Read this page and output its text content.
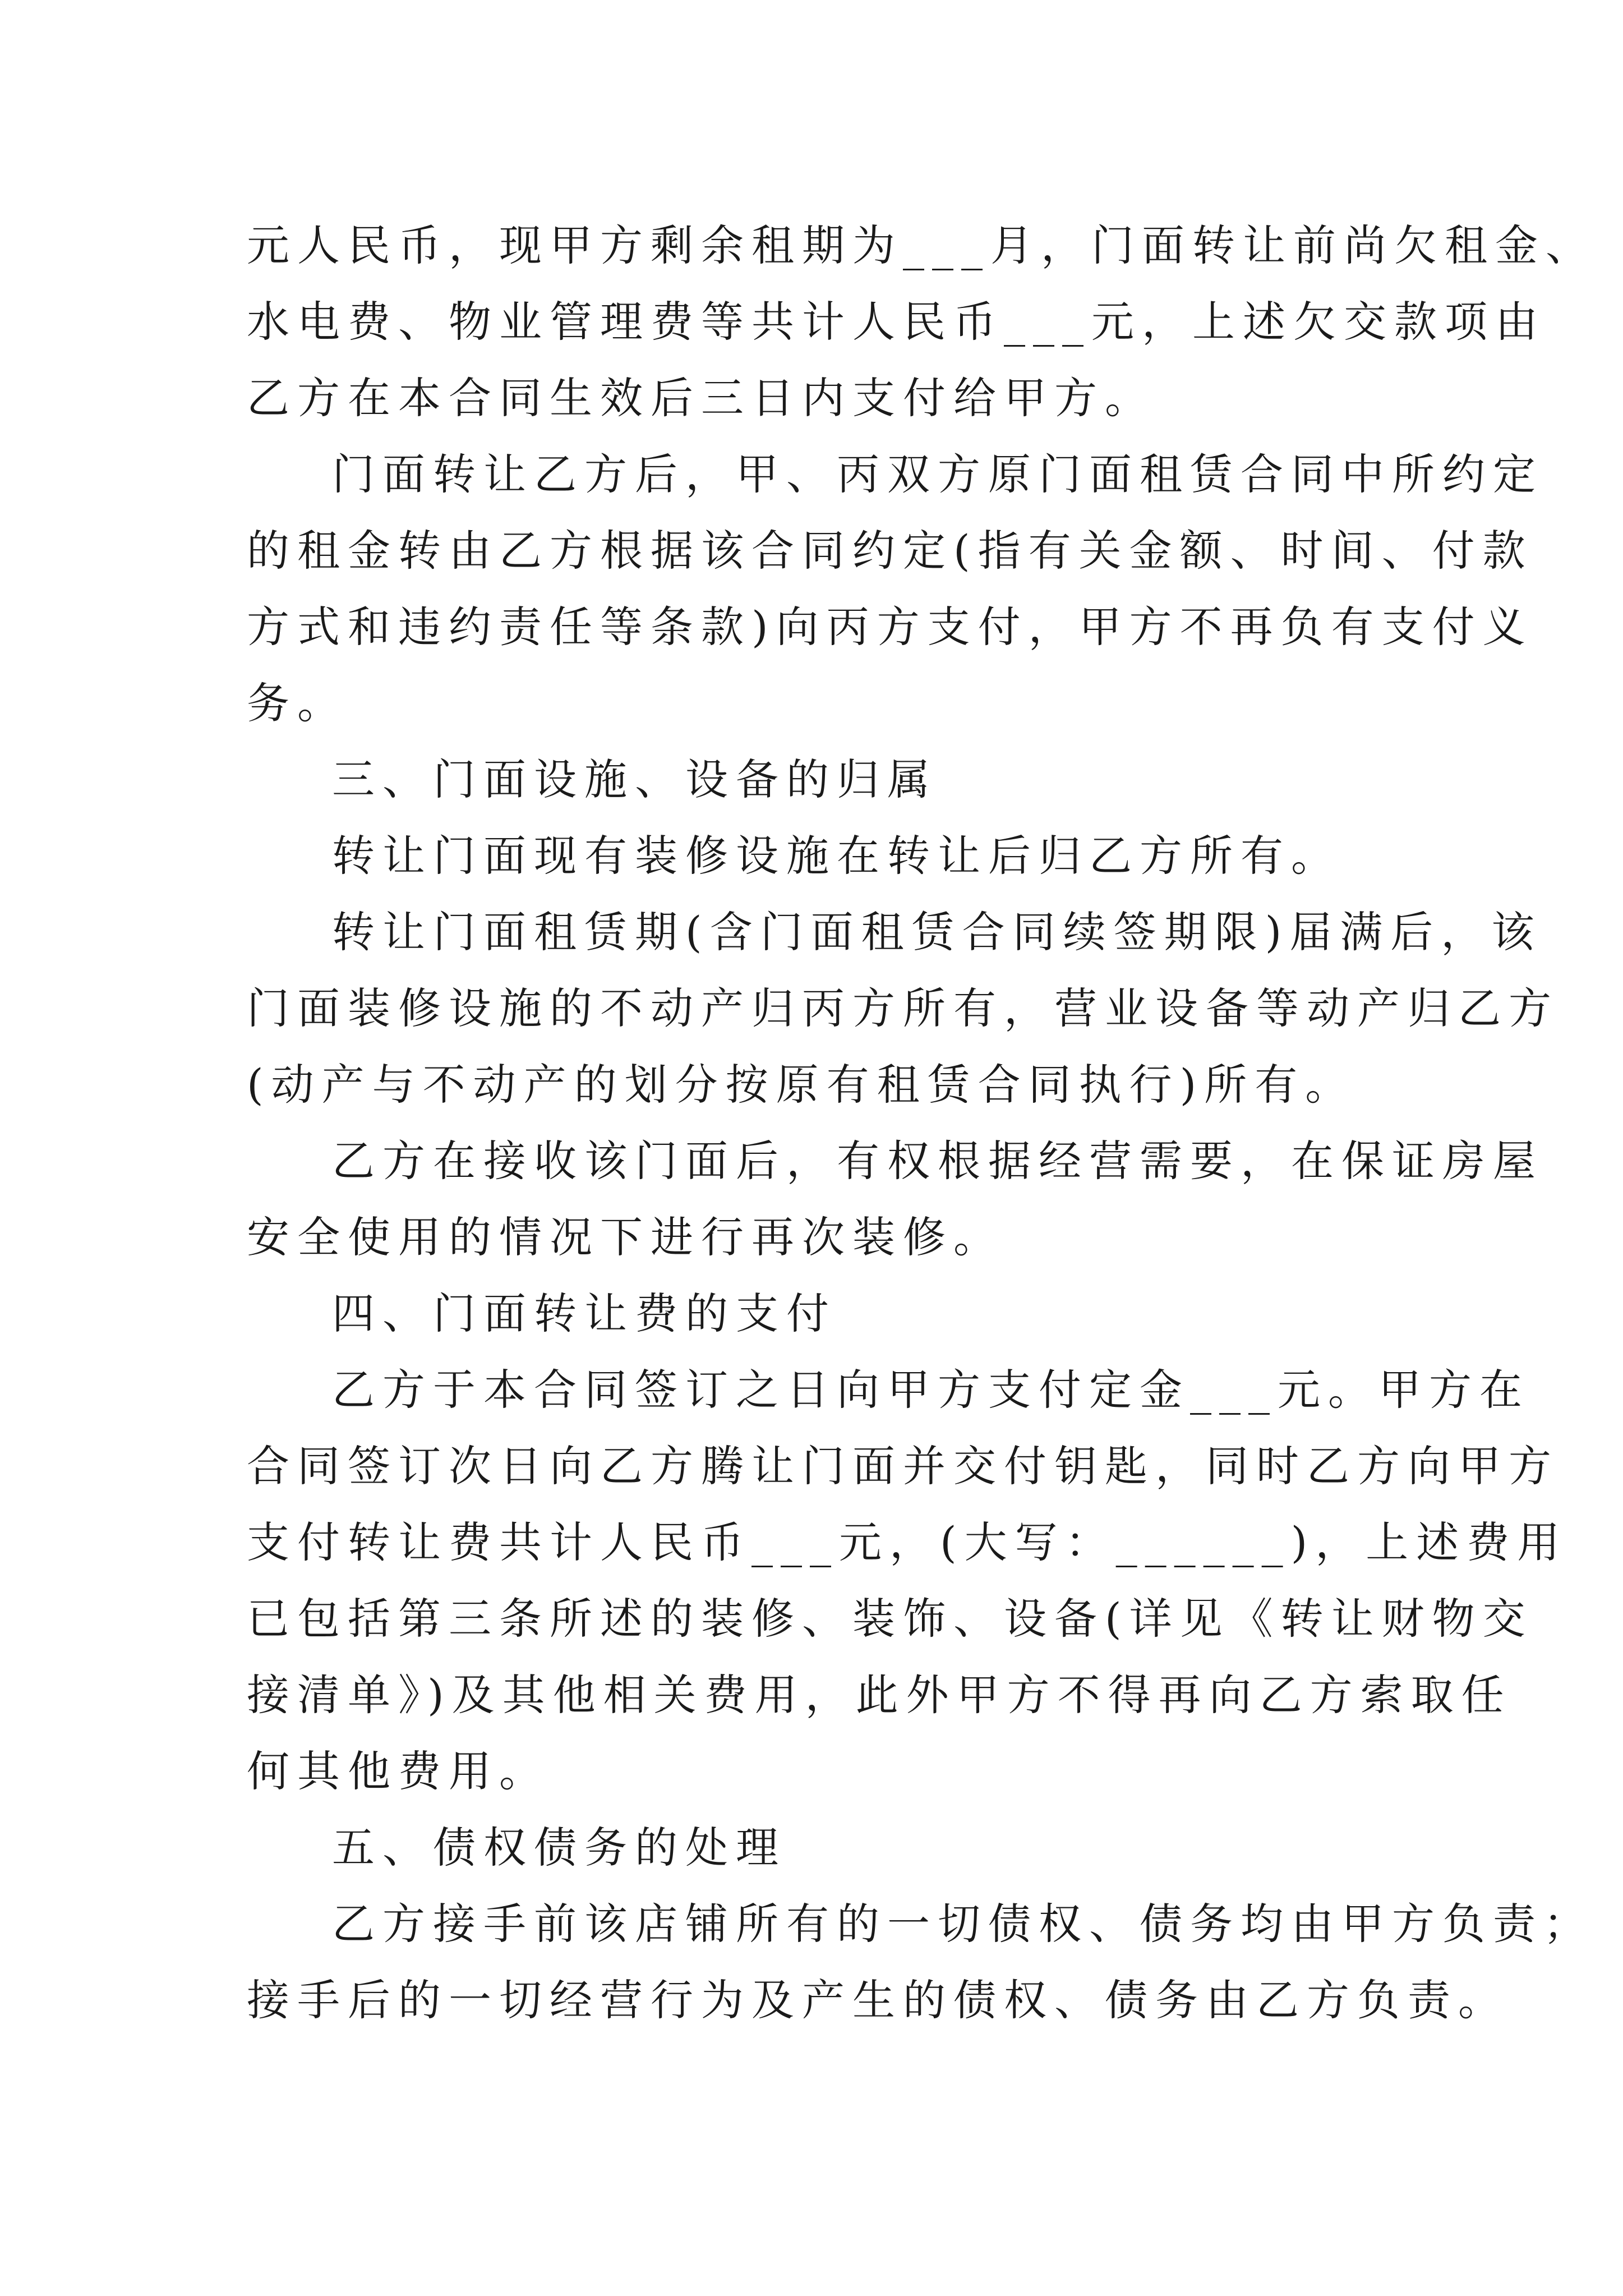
元人民币，现甲方剩余租期为___月，门面转让前尚欠租金、

水电费、物业管理费等共计人民币___元，上述欠交款项由

乙方在本合同生效后三日内支付给甲方。

门面转让乙方后，甲、丙双方原门面租赁合同中所约定

的租金转由乙方根据该合同约定(指有关金额、时间、付款

方式和违约责任等条款)向丙方支付，甲方不再负有支付义

务。

三、门面设施、设备的归属

转让门面现有装修设施在转让后归乙方所有。

转让门面租赁期(含门面租赁合同续签期限)届满后，该

门面装修设施的不动产归丙方所有，营业设备等动产归乙方

(动产与不动产的划分按原有租赁合同执行)所有。

乙方在接收该门面后，有权根据经营需要，在保证房屋

安全使用的情况下进行再次装修。

四、门面转让费的支付

乙方于本合同签订之日向甲方支付定金___元。甲方在

合同签订次日向乙方腾让门面并交付钥匙，同时乙方向甲方

支付转让费共计人民币___元，(大写：______)，上述费用

已包括第三条所述的装修、装饰、设备(详见《转让财物交

接清单》)及其他相关费用，此外甲方不得再向乙方索取任

何其他费用。

五、债权债务的处理

乙方接手前该店铺所有的一切债权、债务均由甲方负责；

接手后的一切经营行为及产生的债权、债务由乙方负责。
